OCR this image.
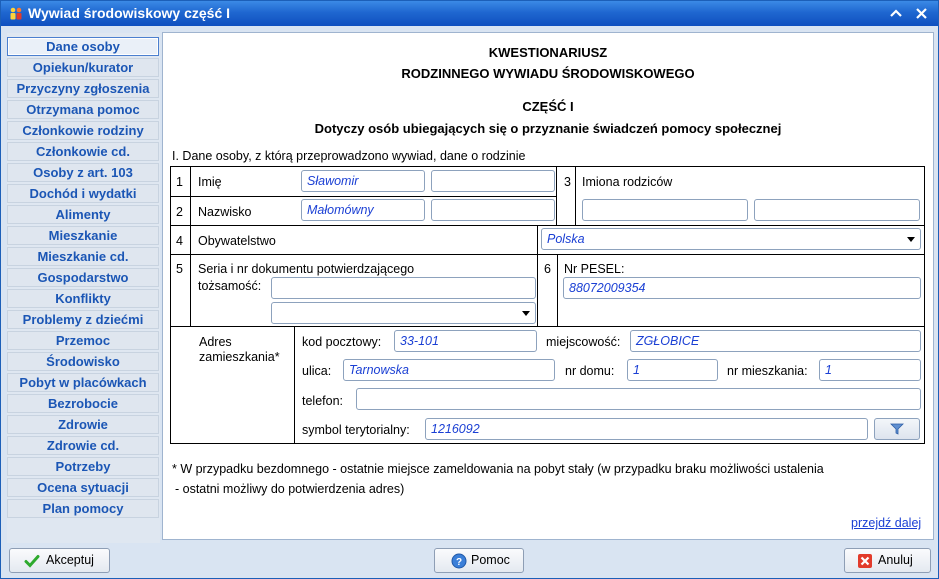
Wywiad środowiskowy część I
Dane osoby
Opiekun/kurator
Przyczyny zgłoszenia
Otrzymana pomoc
Członkowie rodziny
Członkowie cd.
Osoby z art. 103
Dochód i wydatki
Alimenty
Mieszkanie
Mieszkanie cd.
Gospodarstwo
Konflikty
Problemy z dziećmi
Przemoc
Środowisko
Pobyt w placówkach
Bezrobocie
Zdrowie
Zdrowie cd.
Potrzeby
Ocena sytuacji
Plan pomocy
KWESTIONARIUSZ
RODZINNEGO WYWIADU ŚRODOWISKOWEGO
CZĘŚĆ I
Dotyczy osób ubiegających się o przyznanie świadczeń pomocy społecznej
I. Dane osoby, z którą przeprowadzono wywiad, dane o rodzinie
1 Imię	Sławomir
2 Nazwisko	Małomówny
3 Imiona rodziców
4 Obywatelstwo	Polska
5 Seria i nr dokumentu potwierdzającego
tożsamość:
6 Nr PESEL:
88072009354
Adres
zamieszkania*
kod pocztowy:	33-101	miejscowość:	ZGŁOBICE
ulica:	Tarnowska	nr domu:	1	nr mieszkania:	1
telefon:
symbol terytorialny:	1216092
* W przypadku bezdomnego - ostatnie miejsce zameldowania na pobyt stały (w przypadku braku możliwości ustalenia
- ostatni możliwy do potwierdzenia adres)
przejdź dalej
Akceptuj	? Pomoc	Anuluj
